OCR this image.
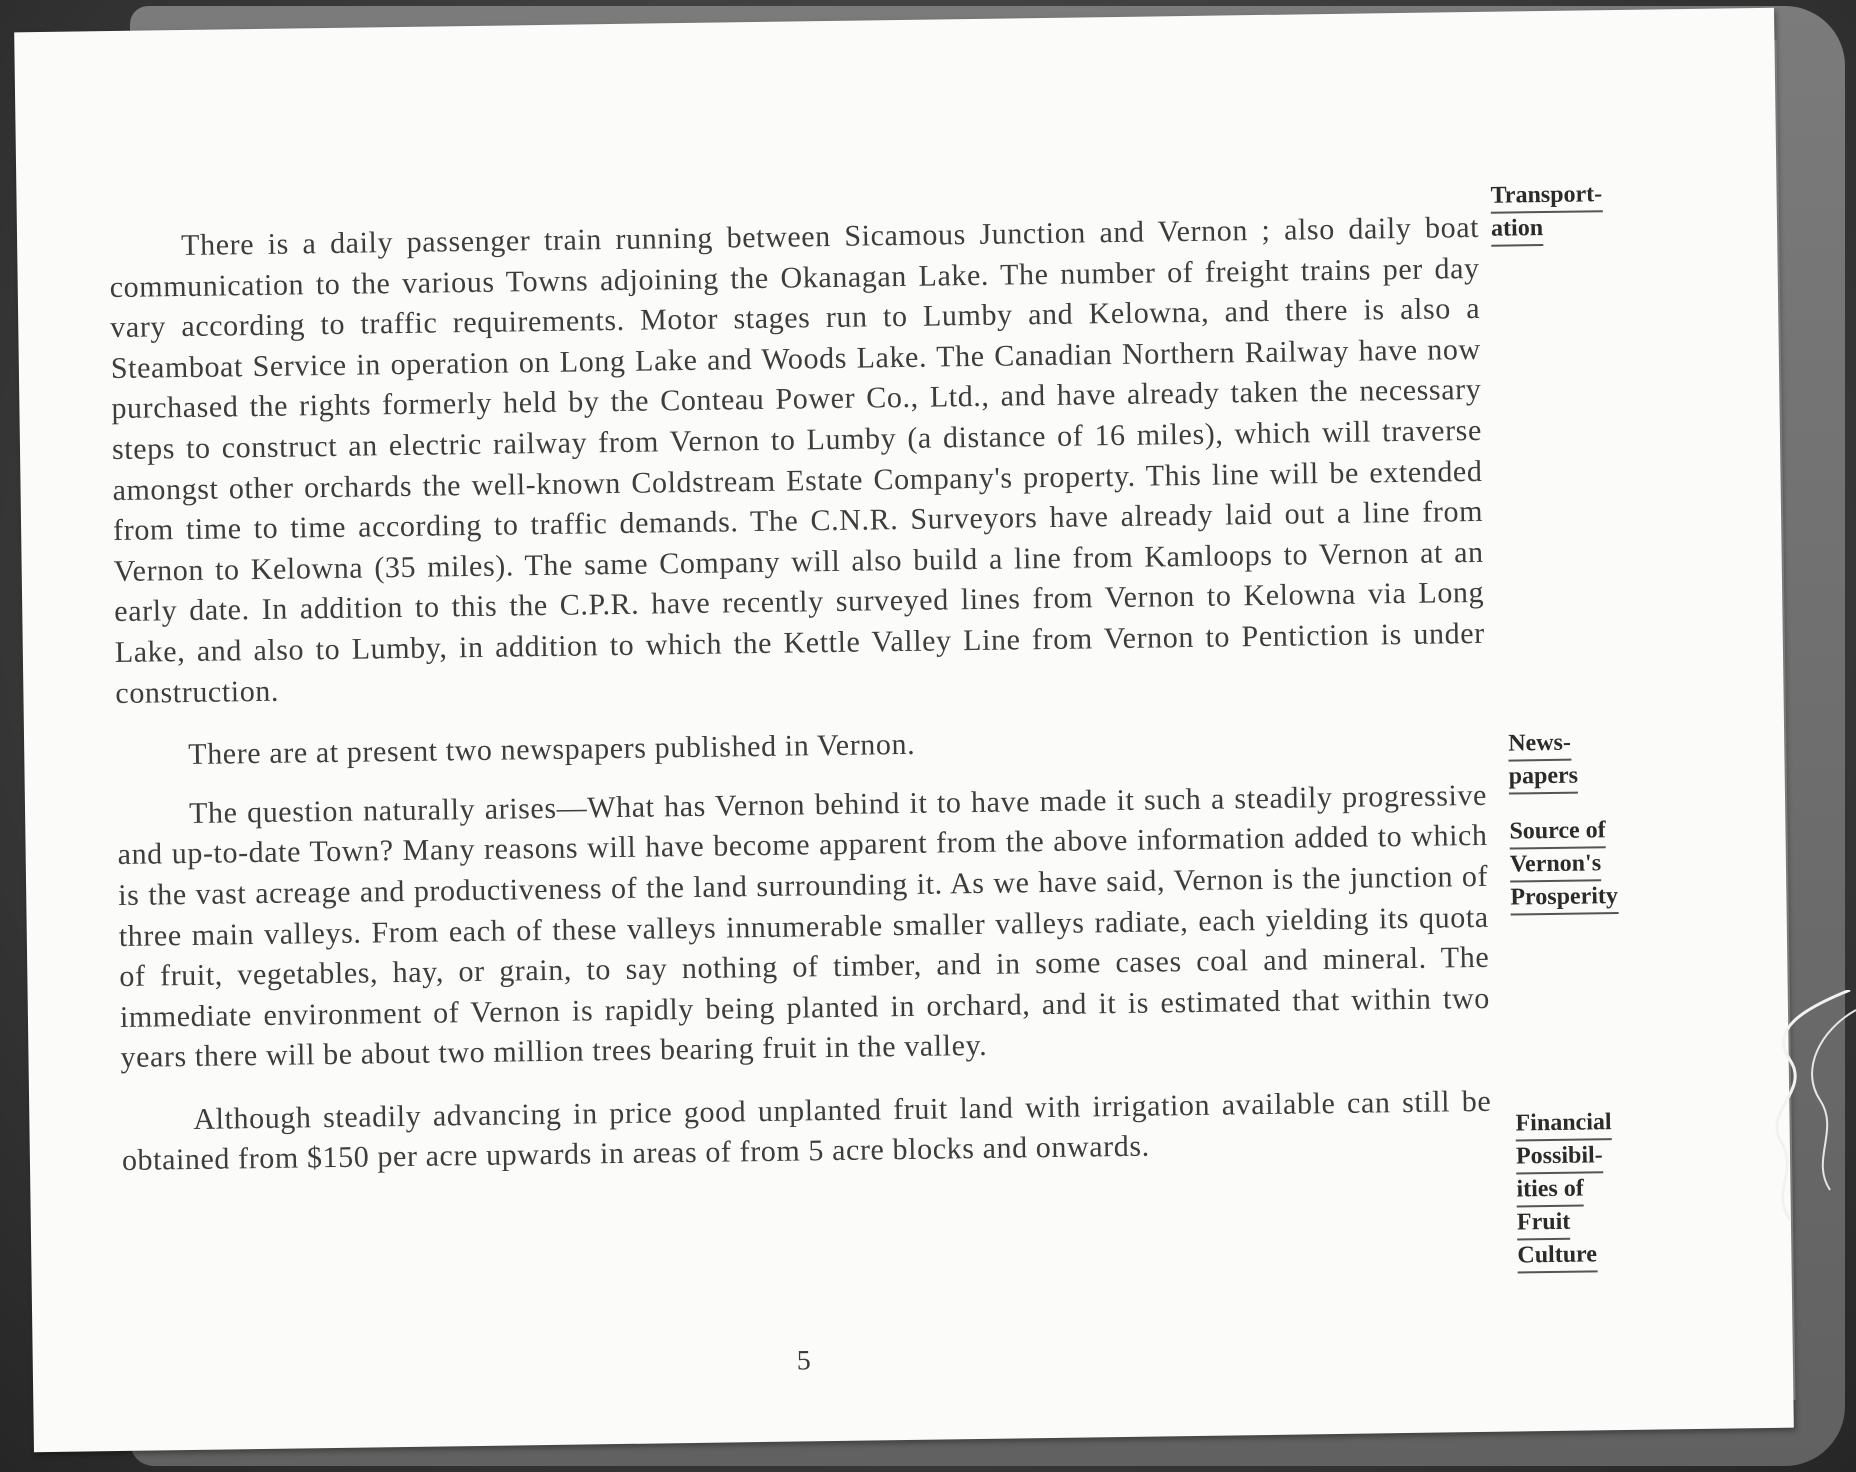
There is a daily passenger train running between Sicamous Junction and Vernon ; also daily boat communication to the various Towns adjoining the Okanagan Lake. The number of freight trains per day vary according to traffic requirements. Motor stages run to Lumby and Kelowna, and there is also a Steamboat Service in operation on Long Lake and Woods Lake. The Canadian Northern Railway have now purchased the rights formerly held by the Conteau Power Co., Ltd., and have already taken the necessary steps to construct an electric railway from Vernon to Lumby (a distance of 16 miles), which will traverse amongst other orchards the well-known Coldstream Estate Company's property. This line will be extended from time to time according to traffic demands. The C.N.R. Surveyors have already laid out a line from Vernon to Kelowna (35 miles). The same Company will also build a line from Kamloops to Vernon at an early date. In addition to this the C.P.R. have recently surveyed lines from Vernon to Kelowna via Long Lake, and also to Lumby, in addition to which the Kettle Valley Line from Vernon to Pentiction is under construction.

There are at present two newspapers published in Vernon.

The question naturally arises—What has Vernon behind it to have made it such a steadily progressive and up-to-date Town? Many reasons will have become apparent from the above information added to which is the vast acreage and productiveness of the land surrounding it. As we have said, Vernon is the junction of three main valleys. From each of these valleys innumerable smaller valleys radiate, each yielding its quota of fruit, vegetables, hay, or grain, to say nothing of timber, and in some cases coal and mineral. The immediate environment of Vernon is rapidly being planted in orchard, and it is estimated that within two years there will be about two million trees bearing fruit in the valley.

Although steadily advancing in price good unplanted fruit land with irrigation available can still be obtained from $150 per acre upwards in areas of from 5 acre blocks and onwards.

Transport-
ation
News-
papers
Source of
Vernon's
Prosperity
Financial
Possibil-
ities of
Fruit
Culture
5
